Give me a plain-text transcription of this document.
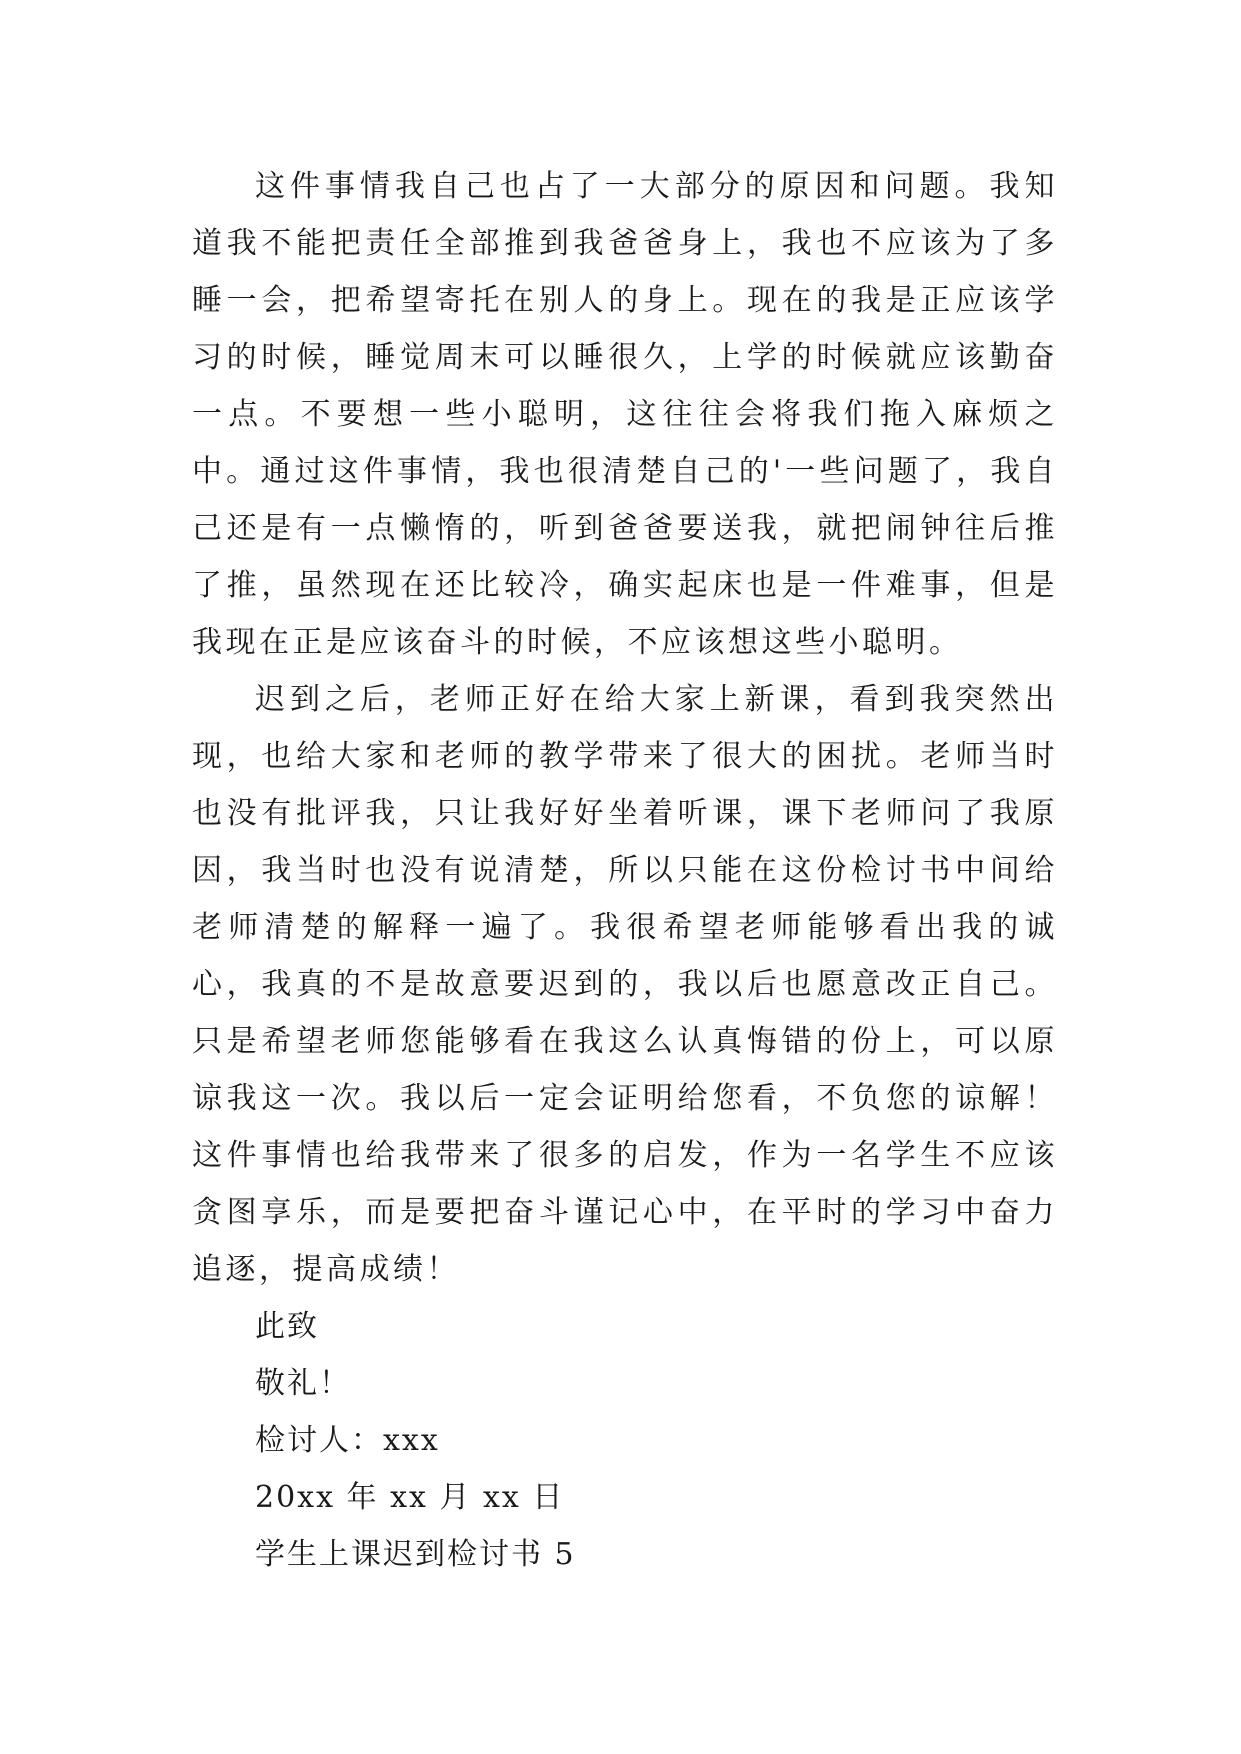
这件事情我自己也占了一大部分的原因和问题。我知道我不能把责任全部推到我爸爸身上，我也不应该为了多睡一会，把希望寄托在别人的身上。现在的我是正应该学习的时候，睡觉周末可以睡很久，上学的时候就应该勤奋一点。不要想一些小聪明，这往往会将我们拖入麻烦之中。通过这件事情，我也很清楚自己的'一些问题了，我自己还是有一点懒惰的，听到爸爸要送我，就把闹钟往后推了推，虽然现在还比较冷，确实起床也是一件难事，但是我现在正是应该奋斗的时候，不应该想这些小聪明。

迟到之后，老师正好在给大家上新课，看到我突然出现，也给大家和老师的教学带来了很大的困扰。老师当时也没有批评我，只让我好好坐着听课，课下老师问了我原因，我当时也没有说清楚，所以只能在这份检讨书中间给老师清楚的解释一遍了。我很希望老师能够看出我的诚心，我真的不是故意要迟到的，我以后也愿意改正自己。只是希望老师您能够看在我这么认真悔错的份上，可以原谅我这一次。我以后一定会证明给您看，不负您的谅解！这件事情也给我带来了很多的启发，作为一名学生不应该贪图享乐，而是要把奋斗谨记心中，在平时的学习中奋力追逐，提高成绩！

此致

敬礼！

检讨人：xxx

20xx 年 xx 月 xx 日

学生上课迟到检讨书 5
